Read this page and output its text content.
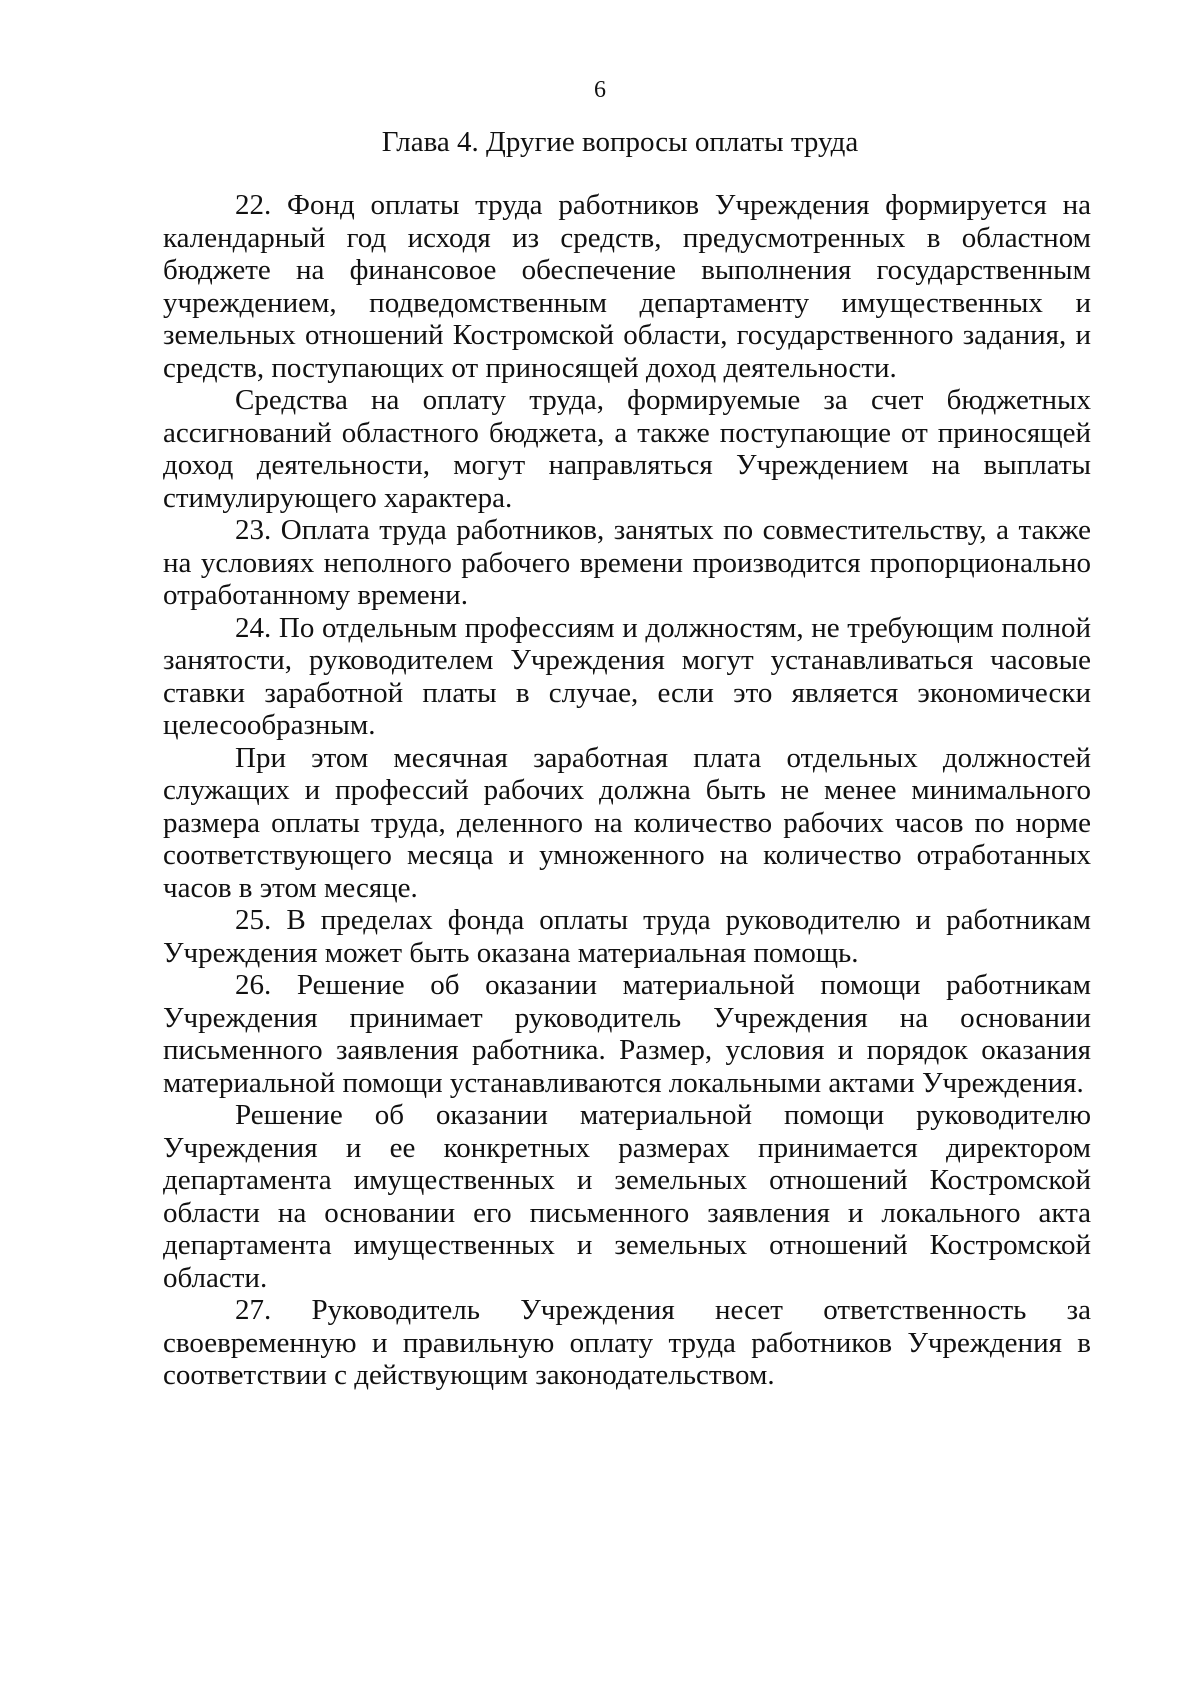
6
Глава 4. Другие вопросы оплаты труда

22. Фонд оплаты труда работников Учреждения формируется на календарный год исходя из средств, предусмотренных в областном бюджете на финансовое обеспечение выполнения государственным учреждением, подведомственным департаменту имущественных и земельных отношений Костромской области, государственного задания, и средств, поступающих от приносящей доход деятельности.

Средства на оплату труда, формируемые за счет бюджетных ассигнований областного бюджета, а также поступающие от приносящей доход деятельности, могут направляться Учреждением на выплаты стимулирующего характера.

23. Оплата труда работников, занятых по совместительству, а также на условиях неполного рабочего времени производится пропорционально отработанному времени.

24. По отдельным профессиям и должностям, не требующим полной занятости, руководителем Учреждения могут устанавливаться часовые ставки заработной платы в случае, если это является экономически целесообразным.

При этом месячная заработная плата отдельных должностей служащих и профессий рабочих должна быть не менее минимального размера оплаты труда, деленного на количество рабочих часов по норме соответствующего месяца и умноженного на количество отработанных часов в этом месяце.

25. В пределах фонда оплаты труда руководителю и работникам Учреждения может быть оказана материальная помощь.

26. Решение об оказании материальной помощи работникам Учреждения принимает руководитель Учреждения на основании письменного заявления работника. Размер, условия и порядок оказания материальной помощи устанавливаются локальными актами Учреждения.

Решение об оказании материальной помощи руководителю Учреждения и ее конкретных размерах принимается директором департамента имущественных и земельных отношений Костромской области на основании его письменного заявления и локального акта департамента имущественных и земельных отношений Костромской области.

27. Руководитель Учреждения несет ответственность за своевременную и правильную оплату труда работников Учреждения в соответствии с действующим законодательством.
